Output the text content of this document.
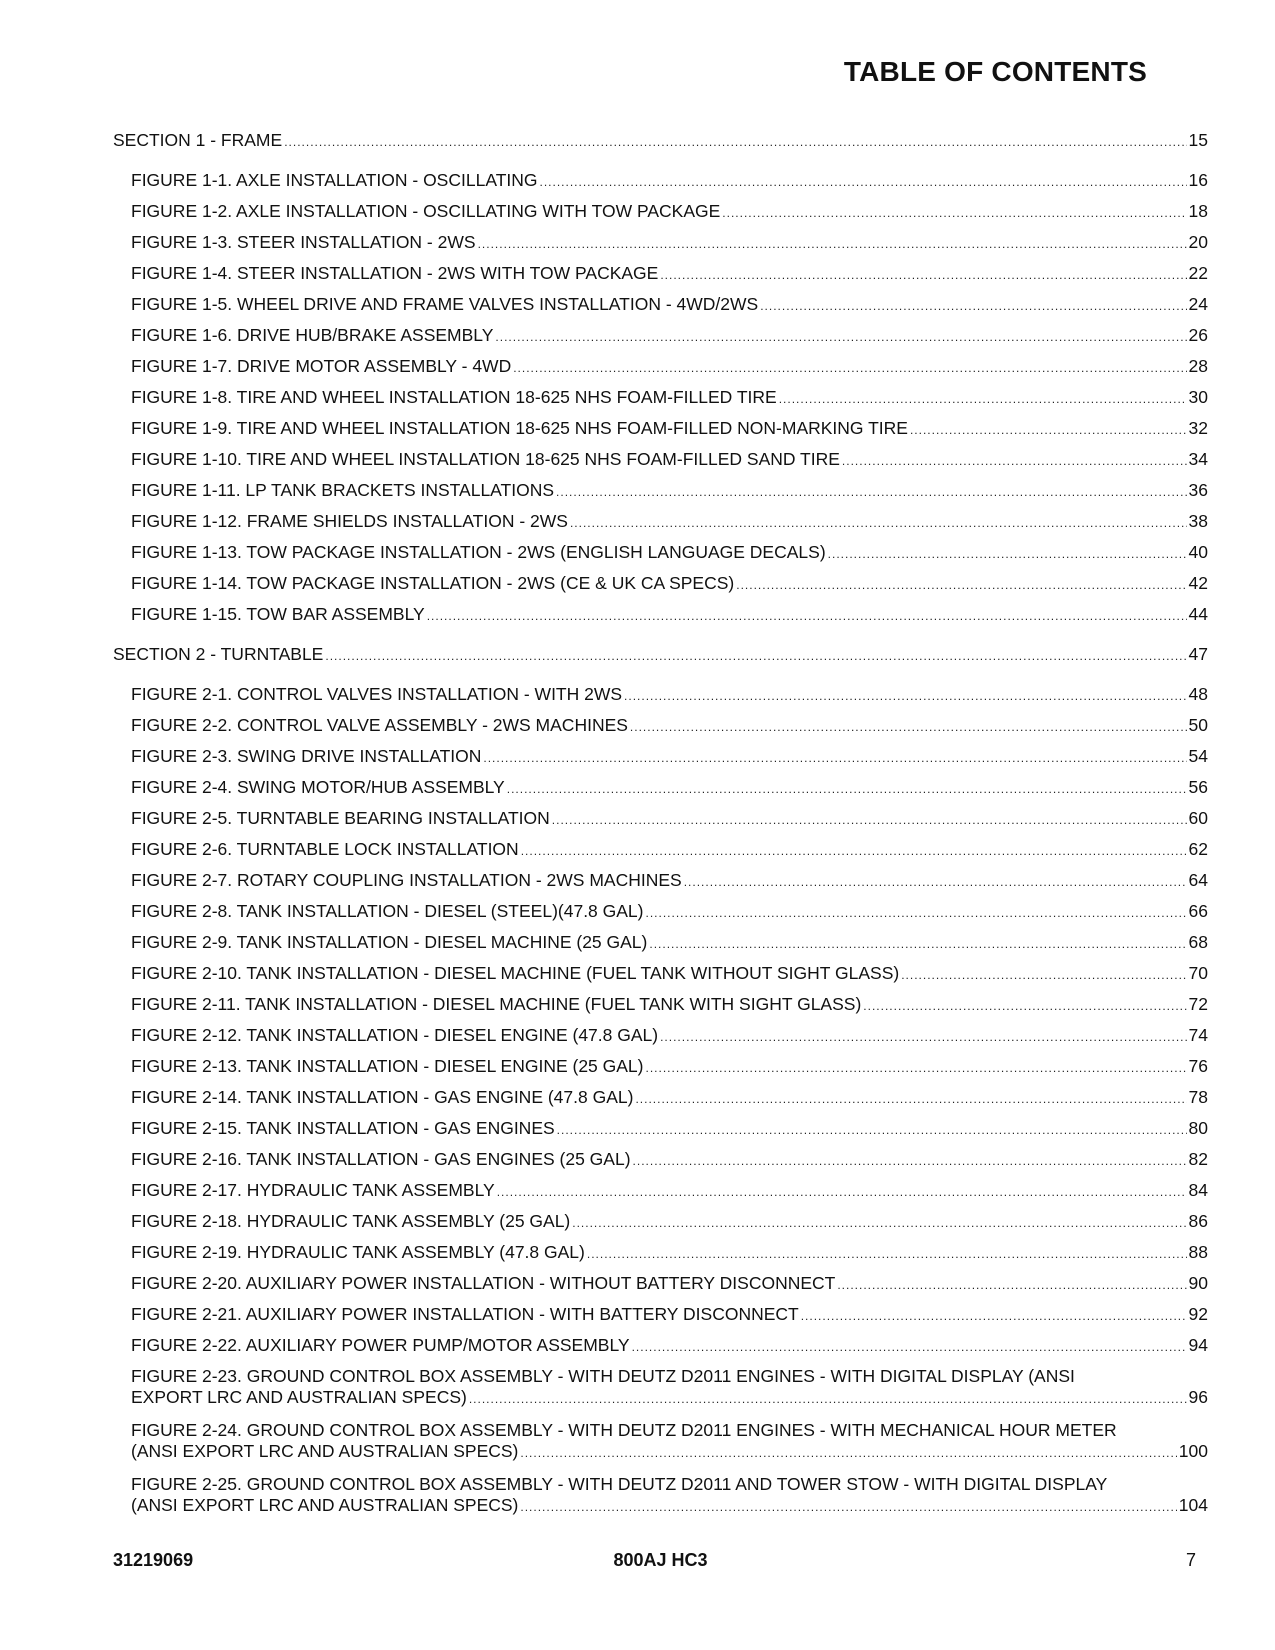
TABLE OF CONTENTS
SECTION 1 - FRAME .....	15
FIGURE 1-1. AXLE INSTALLATION - OSCILLATING .....	16
FIGURE 1-2. AXLE INSTALLATION - OSCILLATING WITH TOW PACKAGE .....	18
FIGURE 1-3. STEER INSTALLATION - 2WS .....	20
FIGURE 1-4. STEER INSTALLATION - 2WS WITH TOW PACKAGE .....	22
FIGURE 1-5. WHEEL DRIVE AND FRAME VALVES INSTALLATION - 4WD/2WS .....	24
FIGURE 1-6. DRIVE HUB/BRAKE ASSEMBLY .....	26
FIGURE 1-7. DRIVE MOTOR ASSEMBLY - 4WD .....	28
FIGURE 1-8. TIRE AND WHEEL INSTALLATION 18-625 NHS FOAM-FILLED TIRE .....	30
FIGURE 1-9. TIRE AND WHEEL INSTALLATION 18-625 NHS FOAM-FILLED NON-MARKING TIRE .....	32
FIGURE 1-10. TIRE AND WHEEL INSTALLATION 18-625 NHS FOAM-FILLED SAND TIRE .....	34
FIGURE 1-11. LP TANK BRACKETS INSTALLATIONS .....	36
FIGURE 1-12. FRAME SHIELDS INSTALLATION - 2WS .....	38
FIGURE 1-13. TOW PACKAGE INSTALLATION - 2WS (ENGLISH LANGUAGE DECALS) .....	40
FIGURE 1-14. TOW PACKAGE INSTALLATION - 2WS (CE & UK CA SPECS) .....	42
FIGURE 1-15. TOW BAR ASSEMBLY .....	44
SECTION 2 - TURNTABLE .....	47
FIGURE 2-1. CONTROL VALVES INSTALLATION - WITH 2WS .....	48
FIGURE 2-2. CONTROL VALVE ASSEMBLY - 2WS MACHINES .....	50
FIGURE 2-3. SWING DRIVE INSTALLATION .....	54
FIGURE 2-4. SWING MOTOR/HUB ASSEMBLY .....	56
FIGURE 2-5. TURNTABLE BEARING INSTALLATION .....	60
FIGURE 2-6. TURNTABLE LOCK INSTALLATION .....	62
FIGURE 2-7. ROTARY COUPLING INSTALLATION - 2WS MACHINES .....	64
FIGURE 2-8. TANK INSTALLATION - DIESEL (STEEL)(47.8 GAL) .....	66
FIGURE 2-9. TANK INSTALLATION - DIESEL MACHINE (25 GAL) .....	68
FIGURE 2-10. TANK INSTALLATION - DIESEL MACHINE (FUEL TANK WITHOUT SIGHT GLASS) .....	70
FIGURE 2-11. TANK INSTALLATION - DIESEL MACHINE (FUEL TANK WITH SIGHT GLASS) .....	72
FIGURE 2-12. TANK INSTALLATION - DIESEL ENGINE (47.8 GAL) .....	74
FIGURE 2-13. TANK INSTALLATION - DIESEL ENGINE (25 GAL) .....	76
FIGURE 2-14. TANK INSTALLATION - GAS ENGINE (47.8 GAL) .....	78
FIGURE 2-15. TANK INSTALLATION - GAS ENGINES .....	80
FIGURE 2-16. TANK INSTALLATION - GAS ENGINES (25 GAL) .....	82
FIGURE 2-17. HYDRAULIC TANK ASSEMBLY .....	84
FIGURE 2-18. HYDRAULIC TANK ASSEMBLY (25 GAL) .....	86
FIGURE 2-19. HYDRAULIC TANK ASSEMBLY (47.8 GAL) .....	88
FIGURE 2-20. AUXILIARY POWER INSTALLATION - WITHOUT BATTERY DISCONNECT .....	90
FIGURE 2-21. AUXILIARY POWER INSTALLATION - WITH BATTERY DISCONNECT .....	92
FIGURE 2-22. AUXILIARY POWER PUMP/MOTOR ASSEMBLY .....	94
FIGURE 2-23. GROUND CONTROL BOX ASSEMBLY - WITH DEUTZ D2011 ENGINES - WITH DIGITAL DISPLAY (ANSI
EXPORT LRC AND AUSTRALIAN SPECS) .....	96
FIGURE 2-24. GROUND CONTROL BOX ASSEMBLY - WITH DEUTZ D2011 ENGINES - WITH MECHANICAL HOUR METER
(ANSI EXPORT LRC AND AUSTRALIAN SPECS) .....	100
FIGURE 2-25. GROUND CONTROL BOX ASSEMBLY - WITH DEUTZ D2011 AND TOWER STOW - WITH DIGITAL DISPLAY
(ANSI EXPORT LRC AND AUSTRALIAN SPECS) .....	104
31219069	800AJ HC3	7
